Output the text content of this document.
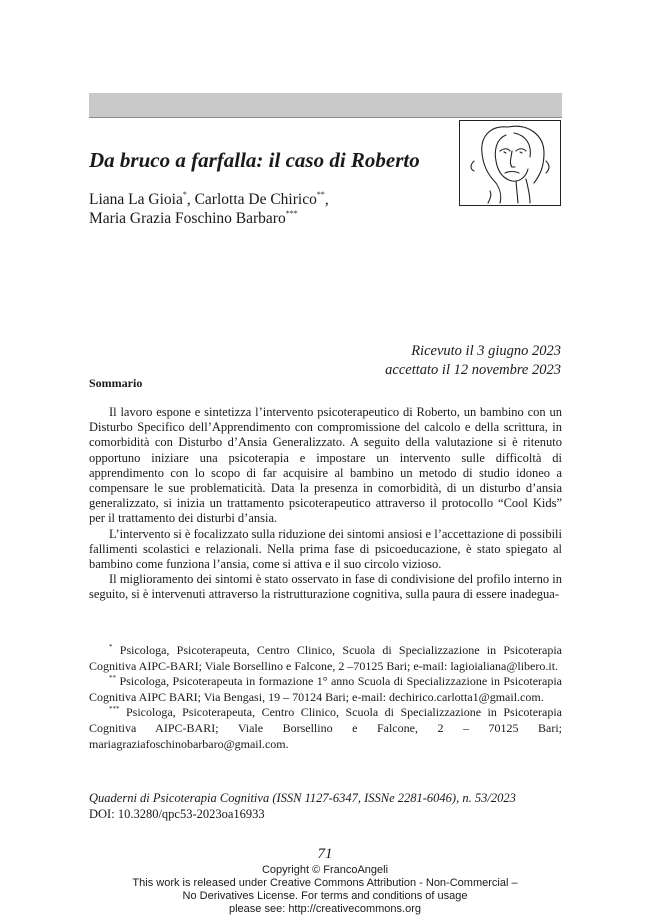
Da bruco a farfalla: il caso di Roberto
Liana La Gioia*, Carlotta De Chirico**,
Maria Grazia Foschino Barbaro***
Ricevuto il 3 giugno 2023
accettato il 12 novembre 2023
Sommario

Il lavoro espone e sintetizza l’intervento psicoterapeutico di Roberto, un bambino con un Disturbo Specifico dell’Apprendimento con compromissione del calcolo e della scrittura, in comorbidità con Disturbo d’Ansia Generalizzato. A seguito della valutazione si è ritenuto opportuno iniziare una psicoterapia e impostare un intervento sulle difficoltà di apprendimento con lo scopo di far acquisire al bambino un metodo di studio idoneo a compensare le sue problematicità. Data la presenza in comorbidità, di un disturbo d’ansia generalizzato, si inizia un trattamento psicoterapeutico attraverso il protocollo “Cool Kids” per il trattamento dei disturbi d’ansia.

L’intervento si è focalizzato sulla riduzione dei sintomi ansiosi e l’accettazione di possibili fallimenti scolastici e relazionali. Nella prima fase di psicoeducazione, è stato spiegato al bambino come funziona l’ansia, come si attiva e il suo circolo vizioso.

Il miglioramento dei sintomi è stato osservato in fase di condivisione del profilo interno in seguito, si è intervenuti attraverso la ristrutturazione cognitiva, sulla paura di essere inadegua-

* Psicologa, Psicoterapeuta, Centro Clinico, Scuola di Specializzazione in Psicoterapia Cognitiva AIPC-BARI; Viale Borsellino e Falcone, 2 –70125 Bari; e-mail: lagioialiana@libero.it.

** Psicologa, Psicoterapeuta in formazione 1° anno Scuola di Specializzazione in Psicoterapia Cognitiva AIPC BARI; Via Bengasi, 19 – 70124 Bari; e-mail: dechirico.carlotta1@gmail.com.

*** Psicologa, Psicoterapeuta, Centro Clinico, Scuola di Specializzazione in Psicoterapia Cognitiva AIPC-BARI; Viale Borsellino e Falcone, 2 – 70125 Bari; mariagraziafoschinobarbaro@gmail.com.

Quaderni di Psicoterapia Cognitiva (ISSN 1127-6347, ISSNe 2281-6046), n. 53/2023
DOI: 10.3280/qpc53-2023oa16933
71
Copyright © FrancoAngeli
This work is released under Creative Commons Attribution - Non-Commercial –
No Derivatives License. For terms and conditions of usage
please see: http://creativecommons.org
